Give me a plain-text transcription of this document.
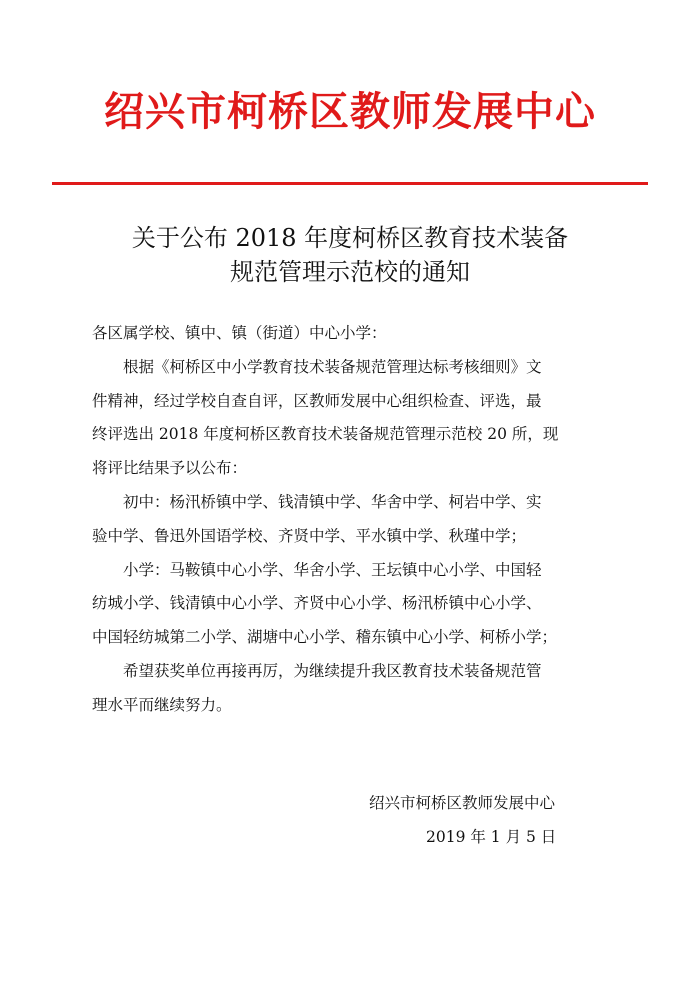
绍兴市柯桥区教师发展中心
关于公布 2018 年度柯桥区教育技术装备
规范管理示范校的通知
各区属学校、镇中、镇（街道）中心小学：
根据《柯桥区中小学教育技术装备规范管理达标考核细则》文
件精神，经过学校自查自评，区教师发展中心组织检查、评选，最
终评选出 2018 年度柯桥区教育技术装备规范管理示范校 20 所，现
将评比结果予以公布：
初中：杨汛桥镇中学、钱清镇中学、华舍中学、柯岩中学、实
验中学、鲁迅外国语学校、齐贤中学、平水镇中学、秋瑾中学；
小学：马鞍镇中心小学、华舍小学、王坛镇中心小学、中国轻
纺城小学、钱清镇中心小学、齐贤中心小学、杨汛桥镇中心小学、
中国轻纺城第二小学、湖塘中心小学、稽东镇中心小学、柯桥小学；
希望获奖单位再接再厉，为继续提升我区教育技术装备规范管
理水平而继续努力。
绍兴市柯桥区教师发展中心
2019 年 1 月 5 日
